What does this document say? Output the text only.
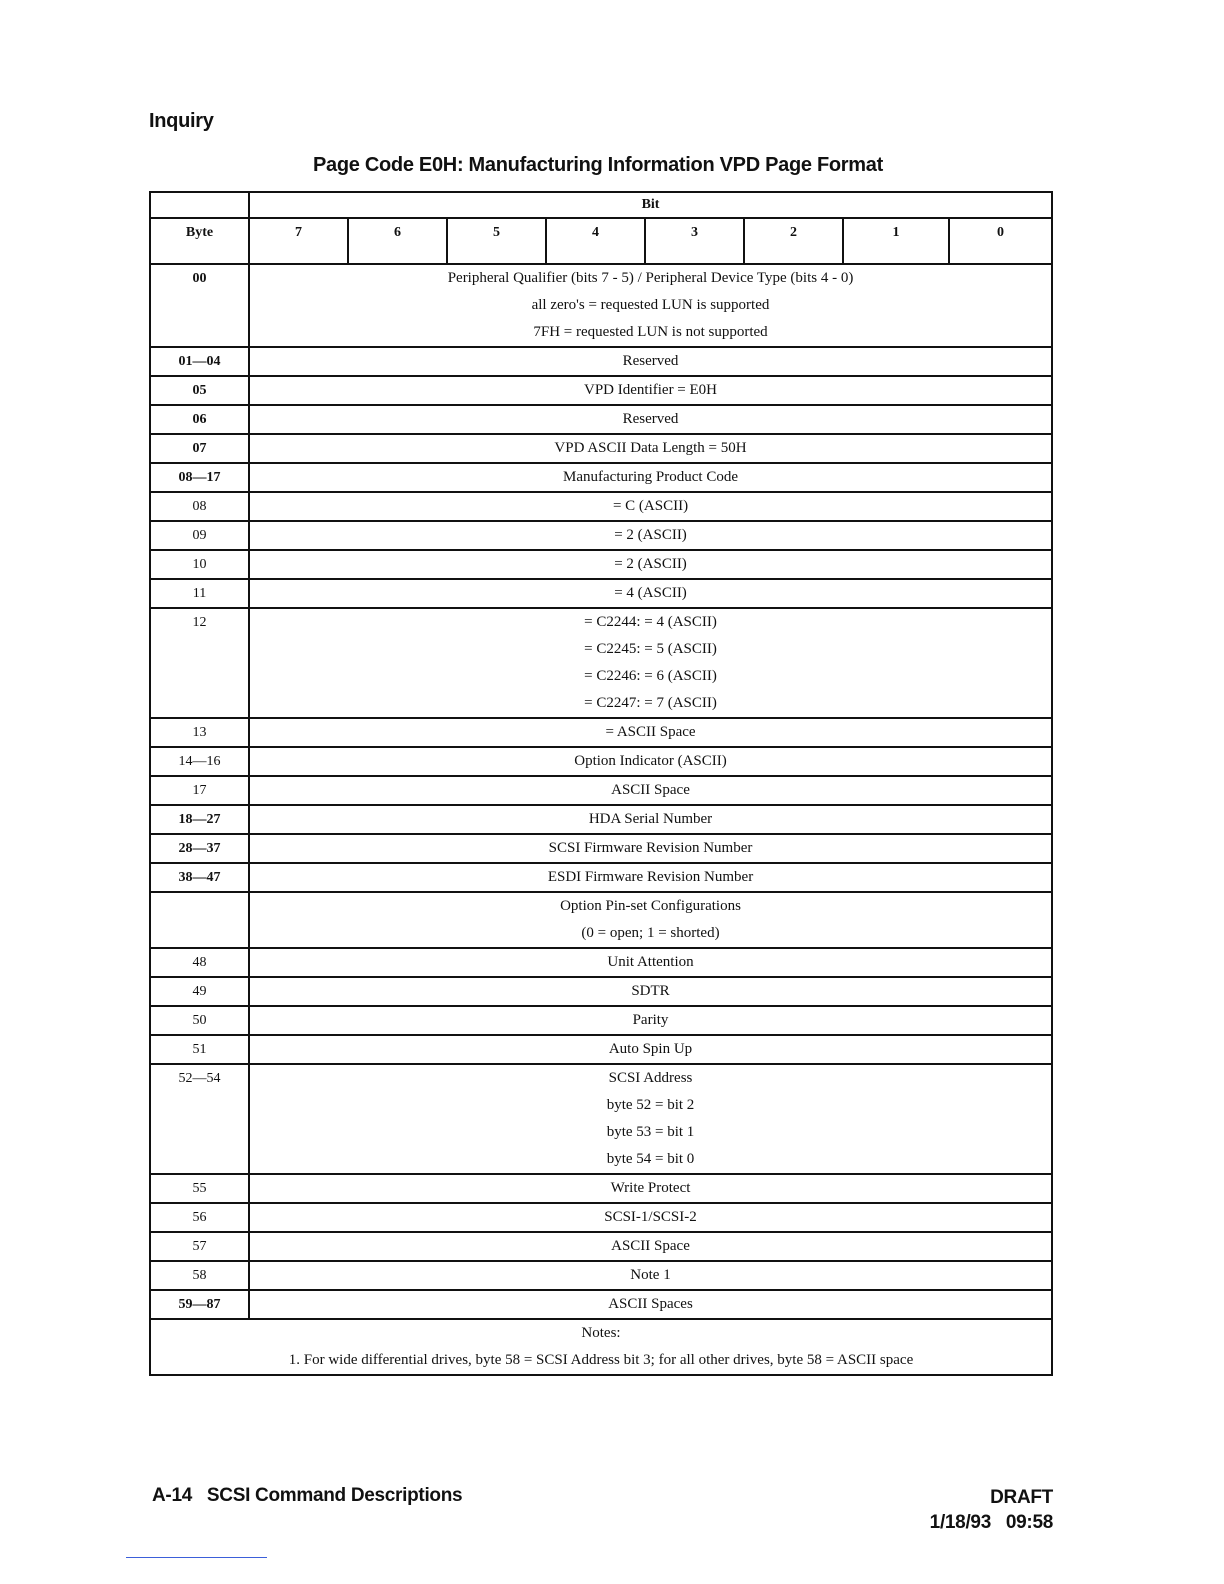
Inquiry
Page Code E0H: Manufacturing Information VPD Page Format
	Bit							
Byte	7	6	5	4	3	2	1	0
00	Peripheral Qualifier (bits 7 - 5) / Peripheral Device Type (bits 4 - 0)
all zero's = requested LUN is supported
7FH = requested LUN is not supported							

01—04	Reserved							

05	VPD Identifier = E0H							

06	Reserved							

07	VPD ASCII Data Length = 50H							

08—17	Manufacturing Product Code							

08	= C (ASCII)							

09	= 2 (ASCII)							

10	= 2 (ASCII)							

11	= 4 (ASCII)							

12	= C2244: = 4 (ASCII)
= C2245: = 5 (ASCII)
= C2246: = 6 (ASCII)
= C2247: = 7 (ASCII)							

13	= ASCII Space							

14—16	Option Indicator (ASCII)							

17	ASCII Space							

18—27	HDA Serial Number							

28—37	SCSI Firmware Revision Number							

38—47	ESDI Firmware Revision Number							

	Option Pin-set Configurations
(0 = open; 1 = shorted)							

48	Unit Attention							

49	SDTR							

50	Parity							

51	Auto Spin Up							

52—54	SCSI Address
byte 52 = bit 2
byte 53 = bit 1
byte 54 = bit 0							

55	Write Protect							

56	SCSI-1/SCSI-2							

57	ASCII Space							

58	Note 1							

59—87	ASCII Spaces							

Notes:
1. For wide differential drives, byte 58 = SCSI Address bit 3; for all other drives, byte 58 = ASCII space								
A-14 SCSI Command Descriptions	DRAFT
1/18/93   09:58
